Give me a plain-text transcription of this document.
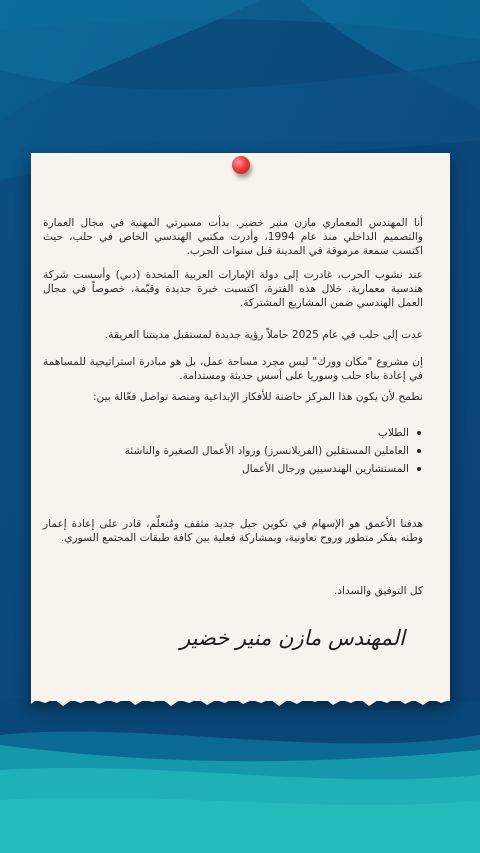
أنا المهندس المعماري مازن منير خضير. بدأت مسيرتي المهنية في مجال العمارة والتصميم الداخلي منذ عام 1994، وأدرت مكتبي الهندسي الخاص في حلب، حيث اكتسب سمعة مرموقة في المدينة قبل سنوات الحرب.

عند نشوب الحرب، غادرت إلى دولة الإمارات العربية المتحدة (دبي) وأسست شركة هندسية معمارية. خلال هذه الفترة، اكتسبت خبرة جديدة وقيّمة، خصوصاً في مجال العمل الهندسي ضمن المشاريع المشتركة.

عدت إلى حلب في عام 2025 حاملاً رؤية جديدة لمستقبل مدينتنا العريقة.

إن مشروع "مكان وورك" ليس مجرد مساحة عمل، بل هو مبادرة استراتيجية للمساهمة في إعادة بناء حلب وسوريا على أسس حديثة ومستدامة.

نطمح لأن يكون هذا المركز حاضنة للأفكار الإبداعية ومنصة تواصل فعّالة بين:

الطلاب
العاملين المستقلين (الفريلانسرز) ورواد الأعمال الصغيرة والناشئة
المستشارين الهندسيين ورجال الأعمال

هدفنا الأعمق هو الإسهام في تكوين جيل جديد مثقف ومُتعلّم، قادر على إعادة إعمار وطنه بفكر متطور وروح تعاونية، وبمشاركة فعلية بين كافة طبقات المجتمع السوري.

كل التوفيق والسداد.

المهندس مازن منير خضير
